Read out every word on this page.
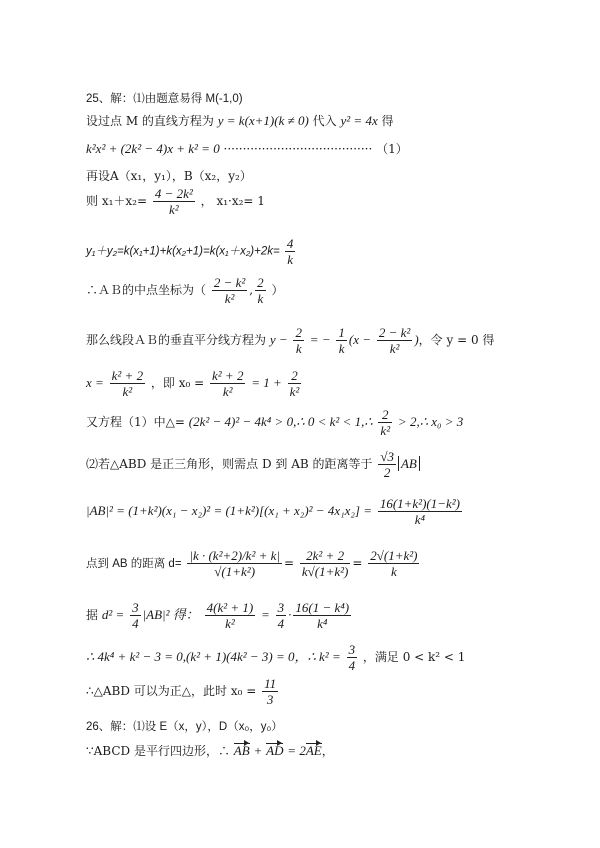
25、解：⑴由题意易得 M(-1,0)
设过点 M 的直线方程为 y = k(x+1)(k ≠ 0) 代入 y² = 4x 得
k²x² + (2k² − 4)x + k² = 0 ······································· （1）
再设A（x₁，y₁），B（x₂，y₂）
则 $x_1+x_2= \frac{\text{4 − 2k²}}{\text{k²}}$ ， x₁·x₂= 1
$y_1+y_2=k(x_1+1)+k(x_2+1)=k(x_1+x_2)+2k= \frac{4}{k}$
∴ＡＢ的中点坐标为（ $\frac{\text{2 − k²}}{\text{k²}}$ , $\frac{2}{k}$ ）
那么线段ＡＢ的垂直平分线方程为 $y - \frac{2}{k}$ = − $\frac{1}{k} (x - \frac{\text{2 − k²}}{\text{k²}}$ )，令 y = 0 得
$x = \frac{\text{k² + 2}}{\text{k²}}$ ，即 $x_0 = \frac{\text{k² + 2}}{\text{k²}} = 1 + \frac{2}{\text{k²}}$
又方程（1）中△= (2k² − 4)² − 4k⁴ > 0,∴ 0 < k² < 1,∴ $\frac{2}{\text{k²}}$ > 2,∴ x₀ > 3
⑵若△ABD 是正三角形，则需点 D 到 AB 的距离等于 $\frac{√3}{2}$ AB
$|AB|^2 = (1+k^2)(x_1 - x_2)^2 = (1+k^2)[(x_1 + x_2)^2 - 4x_1x_2] = \frac{\text{16(1+k²)(1−k²)}}{\text{k⁴}}$
点到 AB 的距离 $d= \frac{\text{|k · (k²+2)/k² + k|}}{\text{√(1+k²)}} = \frac{\text{2k² + 2}}{\text{k√(1+k²)}} = \frac{\text{2√(1+k²)}}{k}$
据 $d^2 = \frac{3}{4} |AB|^2$ 得： $\frac{\text{4(k² + 1)}}{\text{k²}} = \frac{3}{4} \cdot \frac{\text{16(1 − k⁴)}}{\text{k⁴}}$
∴ 4k⁴ + k² − 3 = 0,(k² + 1)(4k² − 3) = 0，∴ $k^2 = \frac{3}{4}$ ，满足 0 < k² < 1
∴△ABD 可以为正△，此时 $x_0 = \frac{11}{3}$
26、解：⑴设 E（x，y），D（x₀，y₀）
∵ABCD 是平行四边形，∴ AB + AD = 2AE，
